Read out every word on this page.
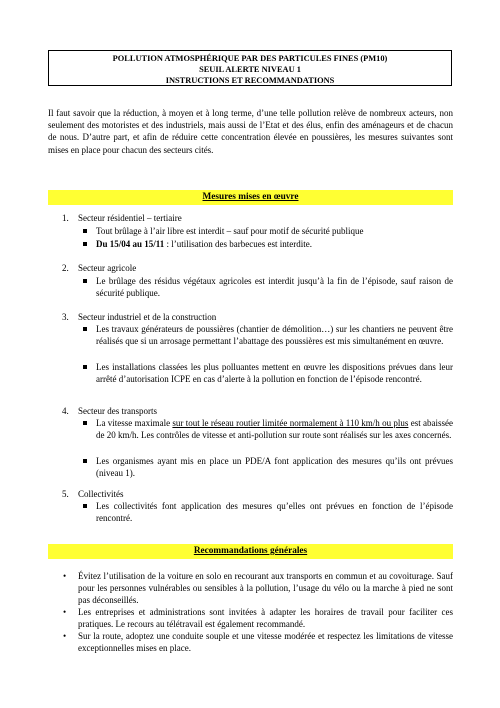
POLLUTION ATMOSPHÉRIQUE PAR DES PARTICULES FINES (PM10)
SEUIL ALERTE NIVEAU 1
INSTRUCTIONS ET RECOMMANDATIONS
Il faut savoir que la réduction, à moyen et à long terme, d’une telle pollution relève de nombreux acteurs, non seulement des motoristes et des industriels, mais aussi de l’Etat et des élus, enfin des aménageurs et de chacun de nous. D’autre part, et afin de réduire cette concentration élevée en poussières, les mesures suivantes sont mises en place pour chacun des secteurs cités.
Mesures mises en œuvre
1. Secteur résidentiel – tertiaire
Tout brûlage à l’air libre est interdit – sauf pour motif de sécurité publique
Du 15/04 au 15/11 : l’utilisation des barbecues est interdite.
2. Secteur agricole
Le brûlage des résidus végétaux agricoles est interdit jusqu’à la fin de l’épisode, sauf raison de sécurité publique.
3. Secteur industriel et de la construction
Les travaux générateurs de poussières (chantier de démolition…) sur les chantiers ne peuvent être réalisés que si un arrosage permettant l’abattage des poussières est mis simultanément en œuvre.
Les installations classées les plus polluantes mettent en œuvre les dispositions prévues dans leur arrêté d’autorisation ICPE en cas d’alerte à la pollution en fonction de l’épisode rencontré.
4. Secteur des transports
La vitesse maximale sur tout le réseau routier limitée normalement à 110 km/h ou plus est abaissée de 20 km/h. Les contrôles de vitesse et anti-pollution sur route sont réalisés sur les axes concernés.
Les organismes ayant mis en place un PDE/A font application des mesures qu’ils ont prévues (niveau 1).
5. Collectivités
Les collectivités font application des mesures qu’elles ont prévues en fonction de l’épisode rencontré.
Recommandations générales
• Évitez l’utilisation de la voiture en solo en recourant aux transports en commun et au covoiturage. Sauf pour les personnes vulnérables ou sensibles à la pollution, l’usage du vélo ou la marche à pied ne sont pas déconseillés.
• Les entreprises et administrations sont invitées à adapter les horaires de travail pour faciliter ces pratiques. Le recours au télétravail est également recommandé.
• Sur la route, adoptez une conduite souple et une vitesse modérée et respectez les limitations de vitesse exceptionnelles mises en place.
